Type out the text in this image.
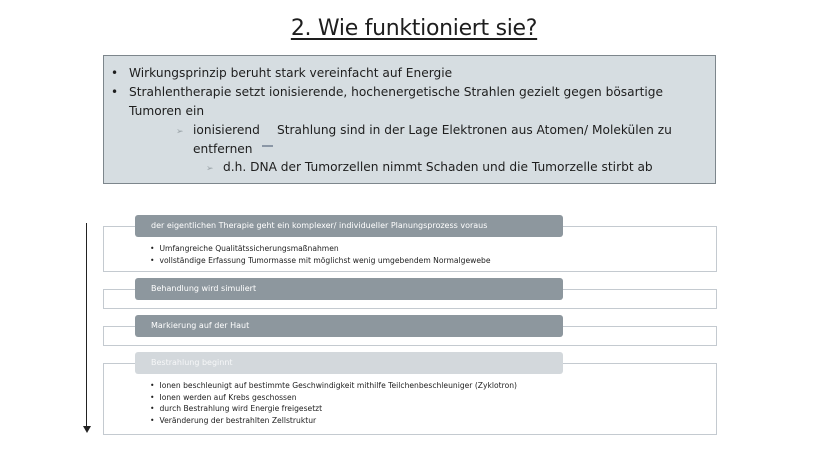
2. Wie funktioniert sie?
• Wirkungsprinzip beruht stark vereinfacht auf Energie
• Strahlentherapie setzt ionisierende, hochenergetische Strahlen gezielt gegen bösartige
Tumoren ein
➢ ionisierend Strahlung sind in der Lage Elektronen aus Atomen/ Molekülen zu
entfernen
➢ d.h. DNA der Tumorzellen nimmt Schaden und die Tumorzelle stirbt ab
der eigentlichen Therapie geht ein komplexer/ individueller Planungsprozess voraus
• Umfangreiche Qualitätssicherungsmaßnahmen
• vollständige Erfassung Tumormasse mit möglichst wenig umgebendem Normalgewebe
Behandlung wird simuliert
Markierung auf der Haut
Bestrahlung beginnt
• Ionen beschleunigt auf bestimmte Geschwindigkeit mithilfe Teilchenbeschleuniger (Zyklotron)
• Ionen werden auf Krebs geschossen
• durch Bestrahlung wird Energie freigesetzt
• Veränderung der bestrahlten Zellstruktur
